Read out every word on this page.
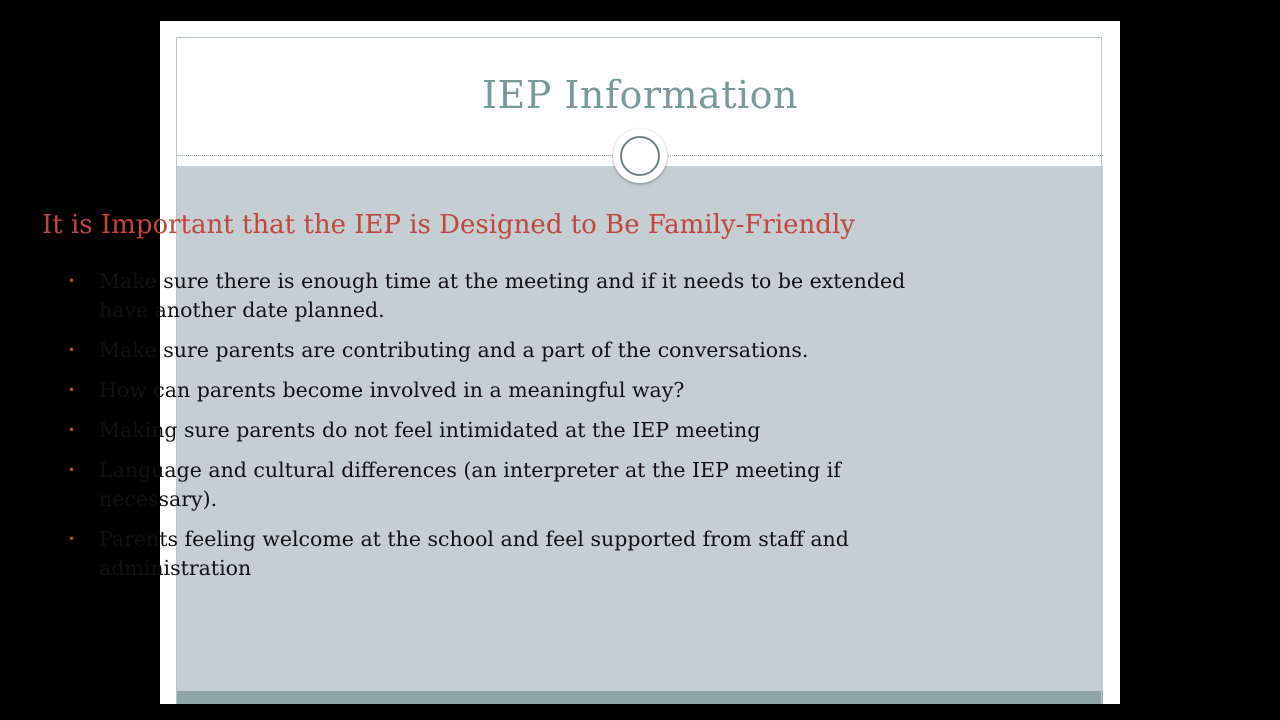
IEP Information
It is Important that the IEP is Designed to Be Family-Friendly
• Make sure there is enough time at the meeting and if it needs to be extended have another date planned.
• Make sure parents are contributing and a part of the conversations.
• How can parents become involved in a meaningful way?
• Making sure parents do not feel intimidated at the IEP meeting
• Language and cultural differences (an interpreter at the IEP meeting if necessary).
• Parents feeling welcome at the school and feel supported from staff and administration
